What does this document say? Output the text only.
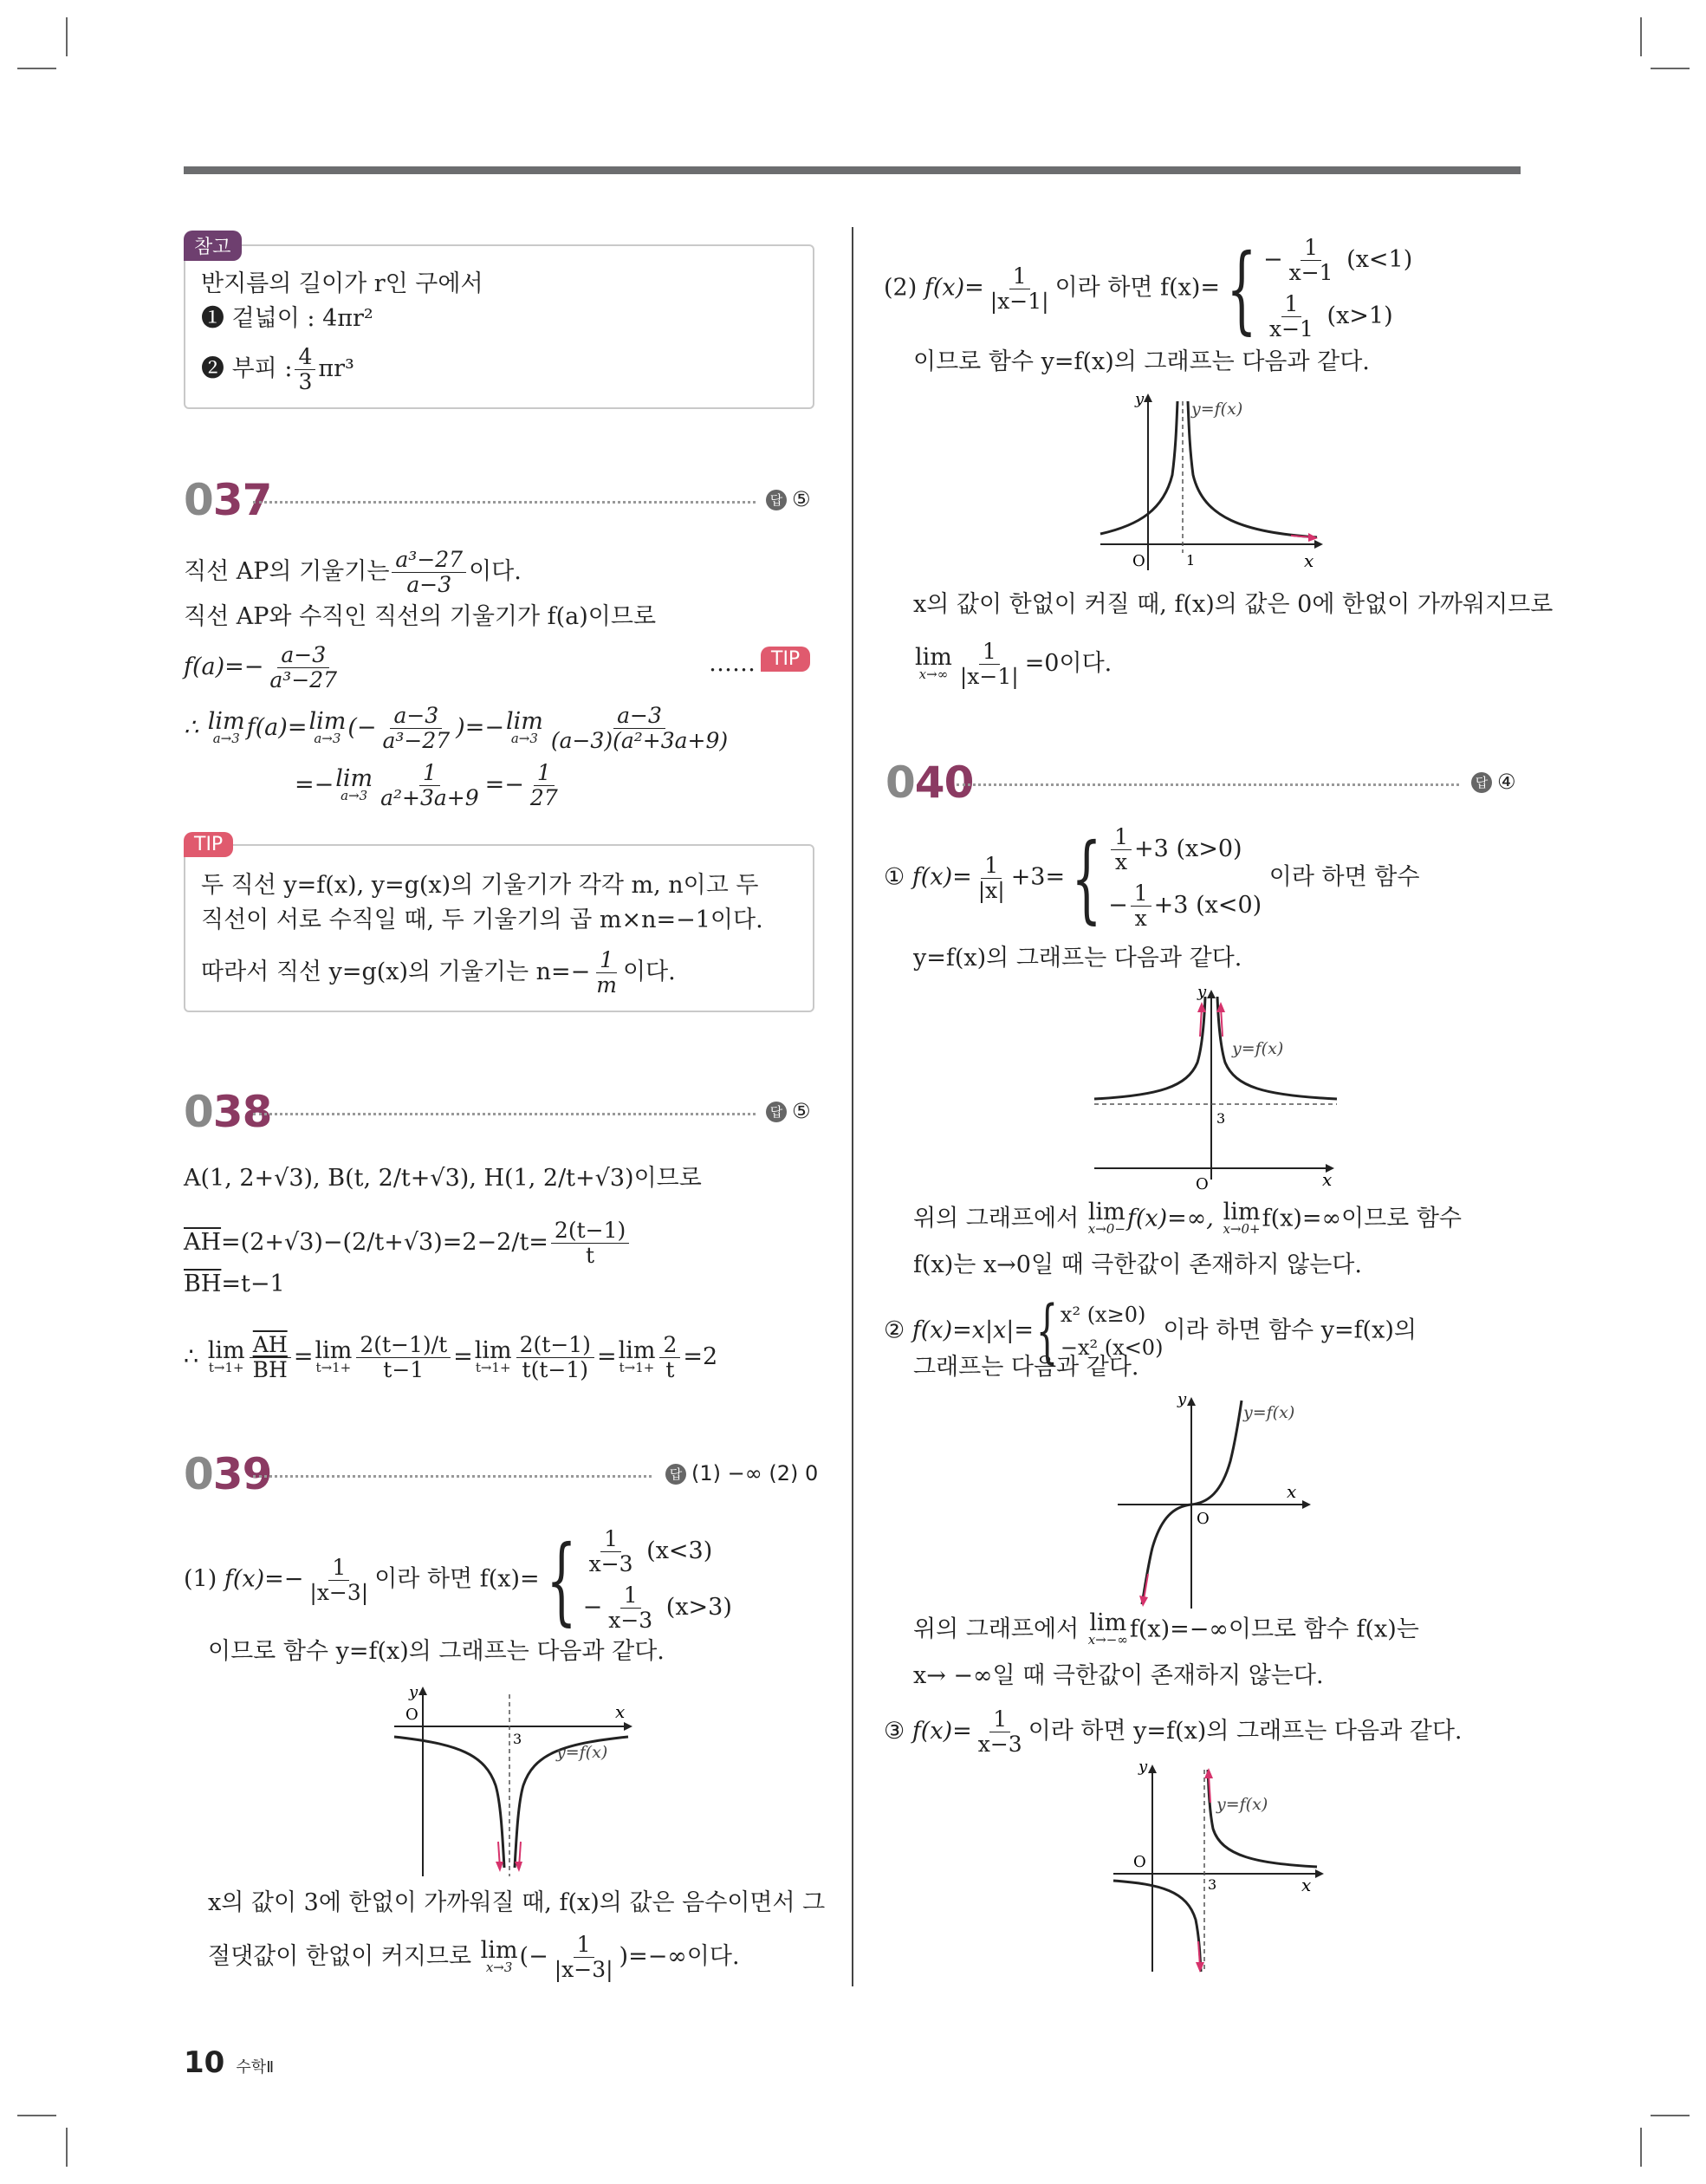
참고
반지름의 길이가 r인 구에서
❶ 겉넓이 : 4πr²
❷ 부피 : $\frac{4}{3} \pi r^3$
037	답 ⑤
직선 AP의 기울기는 $\frac{\text{a³−27}}{a-3}$ 이다.
직선 AP와 수직인 직선의 기울기가 f(a)이므로
$f(a)=- \frac{a-3}{\text{a³−27}}$	…… TIP
∴ lim
a→3 f(a)= lim
a→3 (− $\frac{a-3}{\text{a³−27}}$ )=− lim
$a\to 3 \frac{a-3}{\text{(a−3)(a²+3a+9)}}$
=− lim
$a\to 3 \frac{1}{\text{a²+3a+9}} =- \frac{1}{27}$
TIP
두 직선 y=f(x), y=g(x)의 기울기가 각각 m, n이고 두
직선이 서로 수직일 때, 두 기울기의 곱 m×n=−1이다.
따라서 직선 y=g(x)의 기울기는 $n=- \frac{1}{m}$ 이다.
038	답 ⑤
A(1, 2+√3), B(t, 2/t+√3), H(1, 2/t+√3)이므로
$\overline{AH}=(2+√3)-(2/t+√3)=2-2/t= \frac{2(t-1)}{t}$
$\overline{BH}=t-1$
∴ lim
$t\to 1+ \frac{\overline{AH}}{BH} = \lim$
$t\to 1+ \frac{2(t-1)/t}{t-1} = \lim$
$t\to 1+ \frac{2(t-1)}{t(t-1)} = \lim$
$t\to 1+ \frac{2}{t} =2$
039	답 (1) −∞ (2) 0
(1) $f(x)=- \frac{1}{|x-3|}$ 이라 하면 $f(x)=\{ \frac{1}{x-3} (x<3)$
− $\frac{1}{x-3} (x>3)$
이므로 함수 y=f(x)의 그래프는 다음과 같다.
y
x
O
3
y=f(x)
x의 값이 3에 한없이 가까워질 때, f(x)의 값은 음수이면서 그
절댓값이 한없이 커지므로 lim
x→3 (− $\frac{1}{|x-3|}$ )=−∞이다.
(2) $f(x)= \frac{1}{|x-1|}$ 이라 하면 $f(x)=\{ - \frac{1}{x-1} (x<1)$
$\frac{1}{x-1} (x>1)$
이므로 함수 y=f(x)의 그래프는 다음과 같다.
y
x
O	1
y=f(x)
x의 값이 한없이 커질 때, f(x)의 값은 0에 한없이 가까워지므로
lim
$x\to\infty \frac{1}{|x-1|} =0$이다.
040	답 ④
① $f(x)= \frac{1}{|x|} +3=\{ \frac{1}{x} +3$ (x>0)
− $\frac{1}{x} +3$ (x<0)
이라 하면 함수
y=f(x)의 그래프는 다음과 같다.
y
x
O
3
y=f(x)
위의 그래프에서 lim
x→0− f(x)=∞, lim
x→0+ f(x)=∞이므로 함수
f(x)는 x→0일 때 극한값이 존재하지 않는다.
② f(x)=x|x|={ x² (x≥0)
−x² (x<0)
이라 하면 함수 y=f(x)의
그래프는 다음과 같다.
y
x
O
y=f(x)
위의 그래프에서 lim
x→−∞ f(x)=−∞이므로 함수 f(x)는
x→ −∞일 때 극한값이 존재하지 않는다.
③ $f(x)= \frac{1}{x-3}$ 이라 하면 y=f(x)의 그래프는 다음과 같다.
y
x
O
3
y=f(x)
10 수학Ⅱ
